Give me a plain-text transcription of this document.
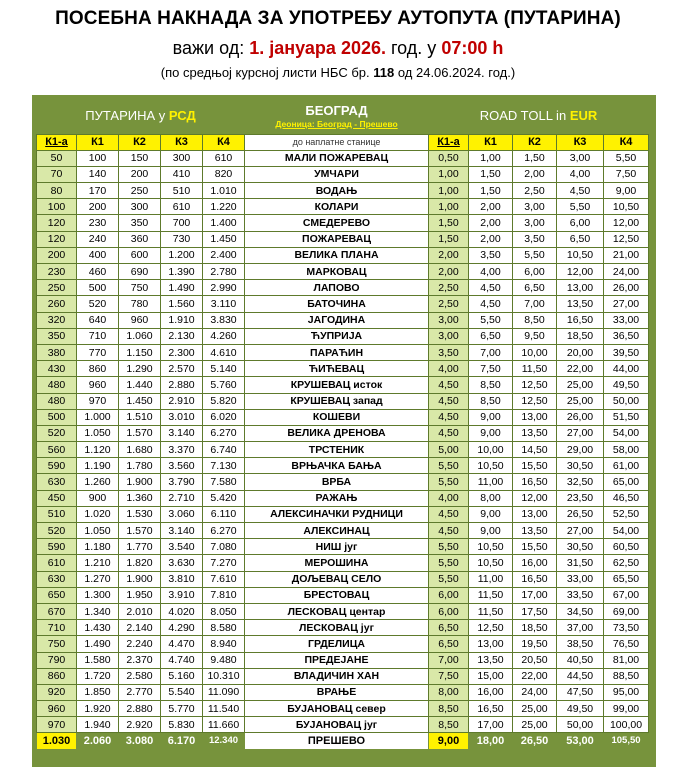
ПОСЕБНА НАКНАДА ЗА УПОТРЕБУ АУТОПУТА (ПУТАРИНА)
важи од: 1. јануара 2026. год. у 07:00 h
(по средњој курсној листи НБС бр. 118 од 24.06.2024. год.)
ПУТАРИНА у РСД					БЕОГРАД
Деоница: Београд - Прешево	ROAD TOLL in EUR				
К1-а	К1	К2	К3	К4	до наплатне станице	К1-а	К1	К2	К3	К4
50	100	150	300	610	МАЛИ ПОЖАРЕВАЦ	0,50	1,00	1,50	3,00	5,50
70	140	200	410	820	УМЧАРИ	1,00	1,50	2,00	4,00	7,50
80	170	250	510	1.010	ВОДАЊ	1,00	1,50	2,50	4,50	9,00
100	200	300	610	1.220	КОЛАРИ	1,00	2,00	3,00	5,50	10,50
120	230	350	700	1.400	СМЕДЕРЕВО	1,50	2,00	3,00	6,00	12,00
120	240	360	730	1.450	ПОЖАРЕВАЦ	1,50	2,00	3,50	6,50	12,50
200	400	600	1.200	2.400	ВЕЛИКА ПЛАНА	2,00	3,50	5,50	10,50	21,00
230	460	690	1.390	2.780	МАРКОВАЦ	2,00	4,00	6,00	12,00	24,00
250	500	750	1.490	2.990	ЛАПОВО	2,50	4,50	6,50	13,00	26,00
260	520	780	1.560	3.110	БАТОЧИНА	2,50	4,50	7,00	13,50	27,00
320	640	960	1.910	3.830	ЈАГОДИНА	3,00	5,50	8,50	16,50	33,00
350	710	1.060	2.130	4.260	ЋУПРИЈА	3,00	6,50	9,50	18,50	36,50
380	770	1.150	2.300	4.610	ПАРАЋИН	3,50	7,00	10,00	20,00	39,50
430	860	1.290	2.570	5.140	ЋИЋЕВАЦ	4,00	7,50	11,50	22,00	44,00
480	960	1.440	2.880	5.760	КРУШЕВАЦ исток	4,50	8,50	12,50	25,00	49,50
480	970	1.450	2.910	5.820	КРУШЕВАЦ запад	4,50	8,50	12,50	25,00	50,00
500	1.000	1.510	3.010	6.020	КОШЕВИ	4,50	9,00	13,00	26,00	51,50
520	1.050	1.570	3.140	6.270	ВЕЛИКА ДРЕНОВА	4,50	9,00	13,50	27,00	54,00
560	1.120	1.680	3.370	6.740	ТРСТЕНИК	5,00	10,00	14,50	29,00	58,00
590	1.190	1.780	3.560	7.130	ВРЊАЧКА БАЊА	5,50	10,50	15,50	30,50	61,00
630	1.260	1.900	3.790	7.580	ВРБА	5,50	11,00	16,50	32,50	65,00
450	900	1.360	2.710	5.420	РАЖАЊ	4,00	8,00	12,00	23,50	46,50
510	1.020	1.530	3.060	6.110	АЛЕКСИНАЧКИ РУДНИЦИ	4,50	9,00	13,00	26,50	52,50
520	1.050	1.570	3.140	6.270	АЛЕКСИНАЦ	4,50	9,00	13,50	27,00	54,00
590	1.180	1.770	3.540	7.080	НИШ југ	5,50	10,50	15,50	30,50	60,50
610	1.210	1.820	3.630	7.270	МЕРОШИНА	5,50	10,50	16,00	31,50	62,50
630	1.270	1.900	3.810	7.610	ДОЉЕВАЦ СЕЛО	5,50	11,00	16,50	33,00	65,50
650	1.300	1.950	3.910	7.810	БРЕСТОВАЦ	6,00	11,50	17,00	33,50	67,00
670	1.340	2.010	4.020	8.050	ЛЕСКОВАЦ центар	6,00	11,50	17,50	34,50	69,00
710	1.430	2.140	4.290	8.580	ЛЕСКОВАЦ југ	6,50	12,50	18,50	37,00	73,50
750	1.490	2.240	4.470	8.940	ГРДЕЛИЦА	6,50	13,00	19,50	38,50	76,50
790	1.580	2.370	4.740	9.480	ПРЕДЕЈАНЕ	7,00	13,50	20,50	40,50	81,00
860	1.720	2.580	5.160	10.310	ВЛАДИЧИН ХАН	7,50	15,00	22,00	44,50	88,50
920	1.850	2.770	5.540	11.090	ВРАЊЕ	8,00	16,00	24,00	47,50	95,00
960	1.920	2.880	5.770	11.540	БУЈАНОВАЦ север	8,50	16,50	25,00	49,50	99,00
970	1.940	2.920	5.830	11.660	БУЈАНОВАЦ југ	8,50	17,00	25,00	50,00	100,00
1.030	2.060	3.080	6.170	12.340	ПРЕШЕВО	9,00	18,00	26,50	53,00	105,50
